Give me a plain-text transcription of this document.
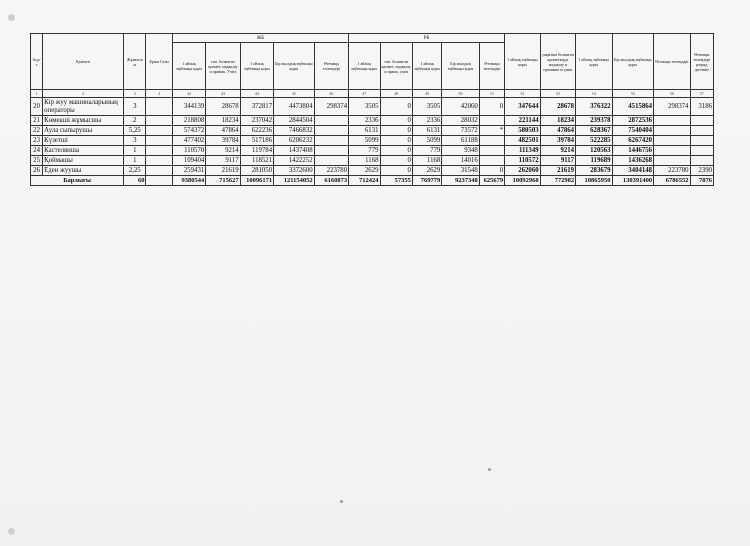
№ р/т	Қызметі	Жұмысш ы	Бұым Саты	ЖБ					РБ					1 айлық еңбекақы қоры	уақытша болмаған қызметкерді мадақтау и премияға ы үшін	1 айлық еңбекақы қоры	Бір жылдық еңбекақы қоры	Өтемақы төлемдері	Өтемақы төлемдері разряд дегеніне
				1 айлық еңбекақы қоры	ған. болмаған қызмет. мадақтау и примак. Учіға	1 айлық еңбекақы қоры	Бір жылдық еңбекақы қоры	Өтемақы төлемдері	1 айлық еңбекақы қоры	ған. болмаған қызмет. мадақтау и прама. ушін	1 айлық еңбекақы қоры	Бір жылдық еңбекақы қоры	Өтемақы төлемдері						
1	2	3	4	42	43	44	45	46	47	48	49	50	51	52	53	54	55	56	57
20	Кір жуу машиналарының операторы	3		344139	28678	372817	4473804	298374	3505	0	3505	42060	0	347644	28678	376322	4515864	298374	3186
21	Көмекші жұмысшы	2		218808	18234	237042	2844504		2336	0	2336	28032		221144	18234	239378	2872536		
22	Аула сыпырушы	5,25		574372	47864	622236	7466832		6131	0	6131	73572	*	580503	47864	628367	7540404		
23	Күзетші	3		477402	39784	517186	6206232		5099	0	5099	61188		482501	39784	522285	6267420		
24	Кастелянша	1		110570	9214	119784	1437408		779	0	779	9348		111349	9214	120563	1446756		
25	Қоймашы	1		109404	9117	118521	1422252		1168	0	1168	14016		110572	9117	119689	1436268		
26	Еден жуушы	2,25		259431	21619	281050	3372600	223780	2629	0	2629	31548	0	262060	21619	283679	3404148	223780	2390
Барлығы		60		9380544	715627	10096171	121154052	6160873	712424	57355	769779	9237348	625679	10092968	772982	10865950	130391400	6786552	7876
